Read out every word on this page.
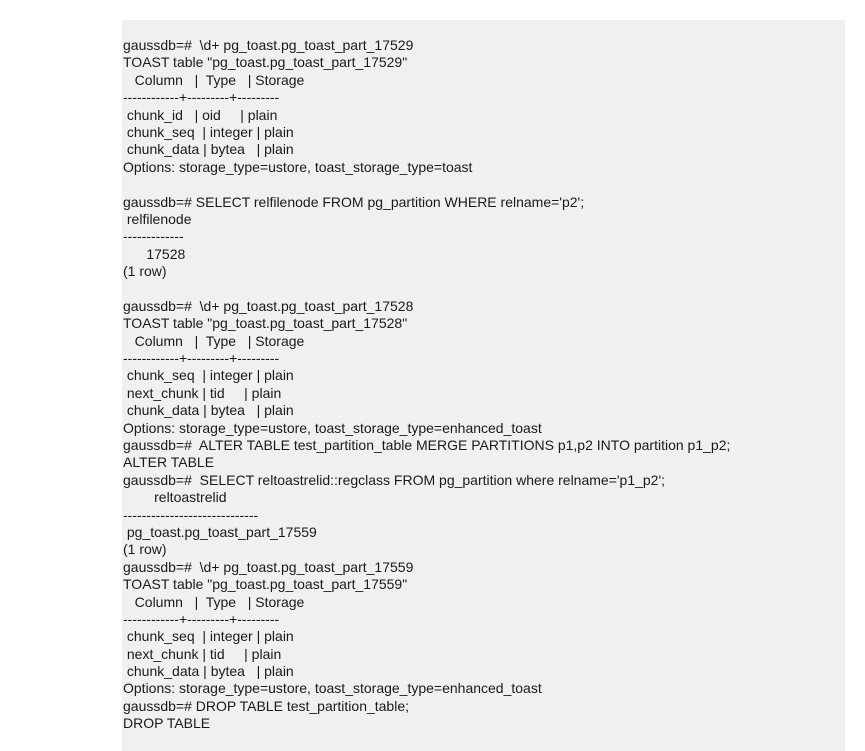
gaussdb=#  \d+ pg_toast.pg_toast_part_17529
TOAST table "pg_toast.pg_toast_part_17529"
Column   |  Type   | Storage
------------+---------+---------
chunk_id   | oid     | plain
chunk_seq  | integer | plain
chunk_data | bytea   | plain
Options: storage_type=ustore, toast_storage_type=toast
gaussdb=# SELECT relfilenode FROM pg_partition WHERE relname='p2';
relfilenode
-------------
17528
(1 row)
gaussdb=#  \d+ pg_toast.pg_toast_part_17528
TOAST table "pg_toast.pg_toast_part_17528"
Column   |  Type   | Storage
------------+---------+---------
chunk_seq  | integer | plain
next_chunk | tid     | plain
chunk_data | bytea   | plain
Options: storage_type=ustore, toast_storage_type=enhanced_toast
gaussdb=#  ALTER TABLE test_partition_table MERGE PARTITIONS p1,p2 INTO partition p1_p2;
ALTER TABLE
gaussdb=#  SELECT reltoastrelid::regclass FROM pg_partition where relname='p1_p2';
reltoastrelid
-----------------------------
pg_toast.pg_toast_part_17559
(1 row)
gaussdb=#  \d+ pg_toast.pg_toast_part_17559
TOAST table "pg_toast.pg_toast_part_17559"
Column   |  Type   | Storage
------------+---------+---------
chunk_seq  | integer | plain
next_chunk | tid     | plain
chunk_data | bytea   | plain
Options: storage_type=ustore, toast_storage_type=enhanced_toast
gaussdb=# DROP TABLE test_partition_table;
DROP TABLE
